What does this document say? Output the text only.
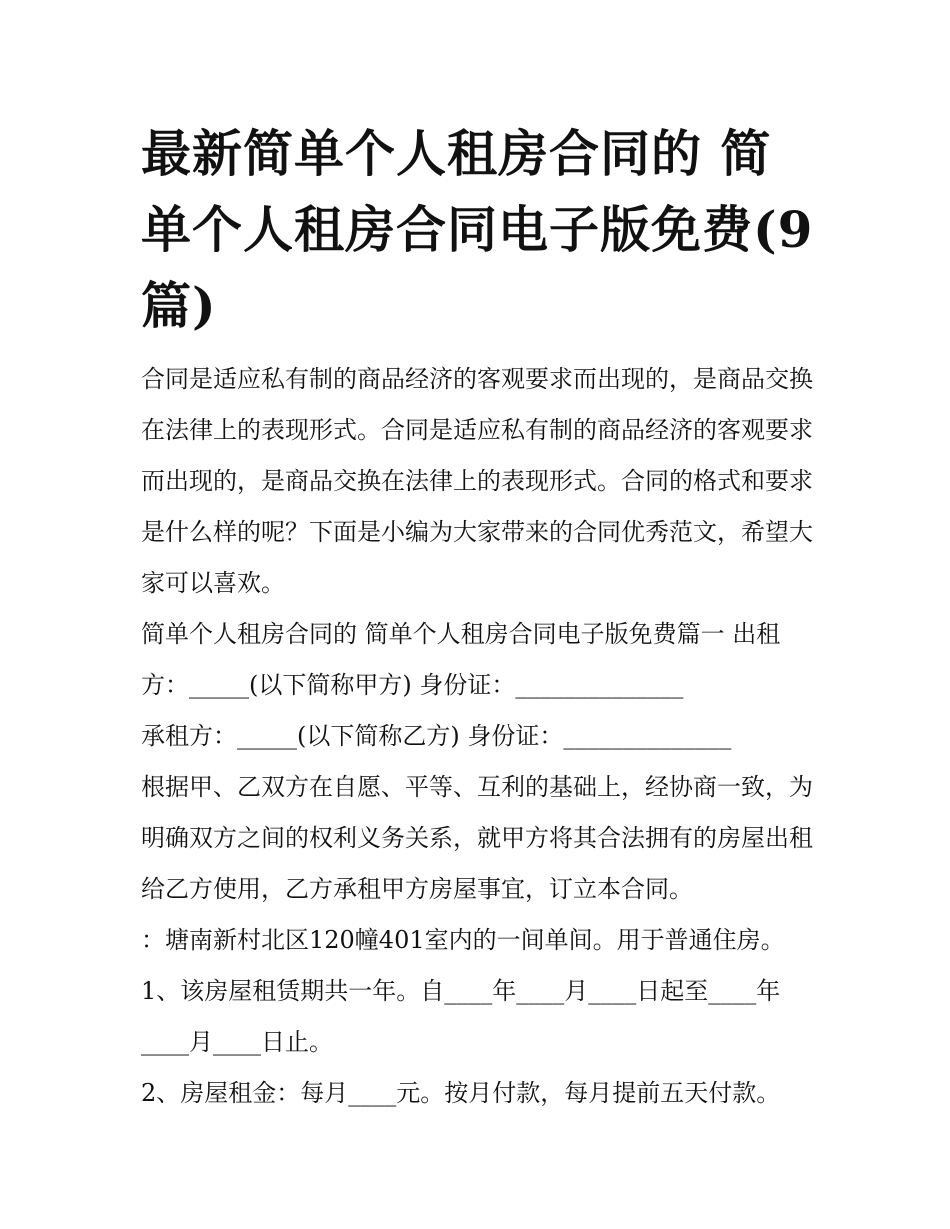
最新简单个人租房合同的 简单个人租房合同电子版免费(9篇)

合同是适应私有制的商品经济的客观要求而出现的，是商品交换在法律上的表现形式。合同是适应私有制的商品经济的客观要求而出现的，是商品交换在法律上的表现形式。合同的格式和要求是什么样的呢？下面是小编为大家带来的合同优秀范文，希望大家可以喜欢。

简单个人租房合同的 简单个人租房合同电子版免费篇一 出租方：_____(以下简称甲方) 身份证：______________

承租方：_____(以下简称乙方) 身份证：______________

根据甲、乙双方在自愿、平等、互利的基础上，经协商一致，为明确双方之间的权利义务关系，就甲方将其合法拥有的房屋出租给乙方使用，乙方承租甲方房屋事宜，订立本合同。

：塘南新村北区120幢401室内的一间单间。用于普通住房。

1、该房屋租赁期共一年。自____年____月____日起至____年____月____日止。

2、房屋租金：每月____元。按月付款，每月提前五天付款。
